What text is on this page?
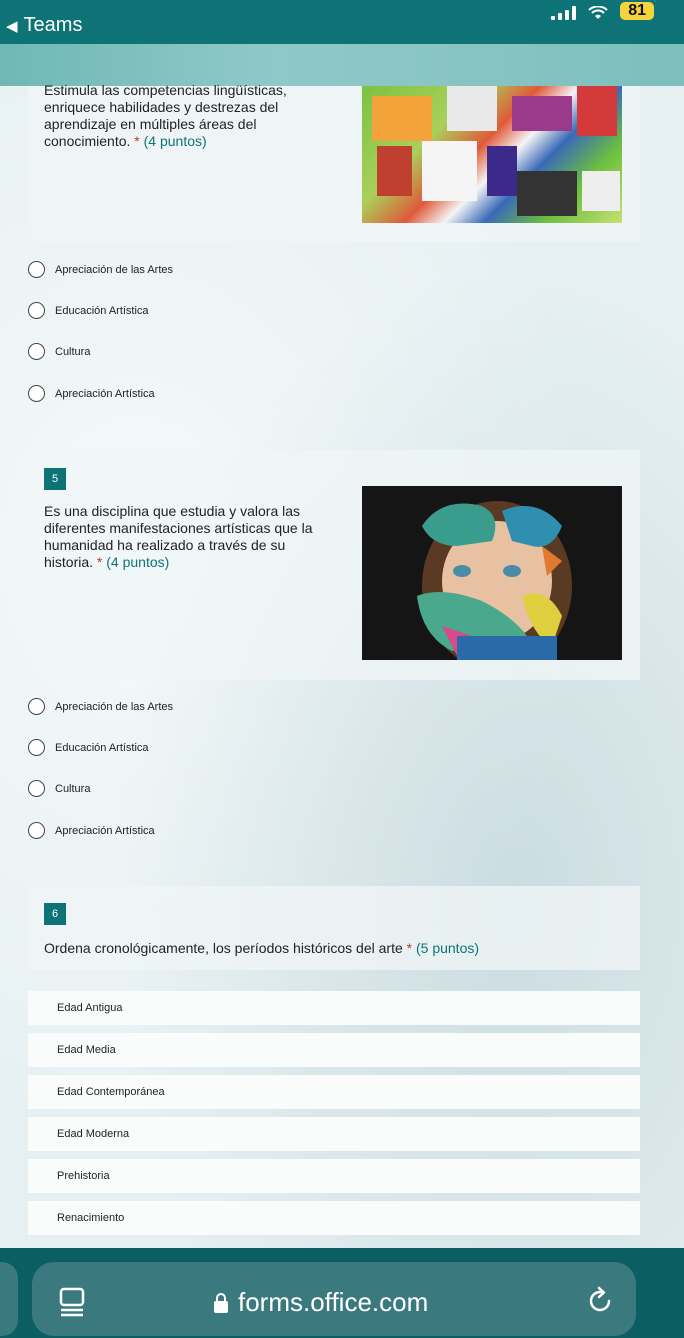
◀ Teams
81
Estimula las competencias lingüísticas, enriquece habilidades y destrezas del aprendizaje en múltiples áreas del conocimiento. * (4 puntos)
Apreciación de las Artes
Educación Artística
Cultura
Apreciación Artística
5
Es una disciplina que estudia y valora las diferentes manifestaciones artísticas que la humanidad ha realizado a través de su historia. * (4 puntos)
Apreciación de las Artes
Educación Artística
Cultura
Apreciación Artística
6
Ordena cronológicamente, los períodos históricos del arte * (5 puntos)
Edad Antigua
Edad Media
Edad Contemporánea
Edad Moderna
Prehistoria
Renacimiento
forms.office.com
